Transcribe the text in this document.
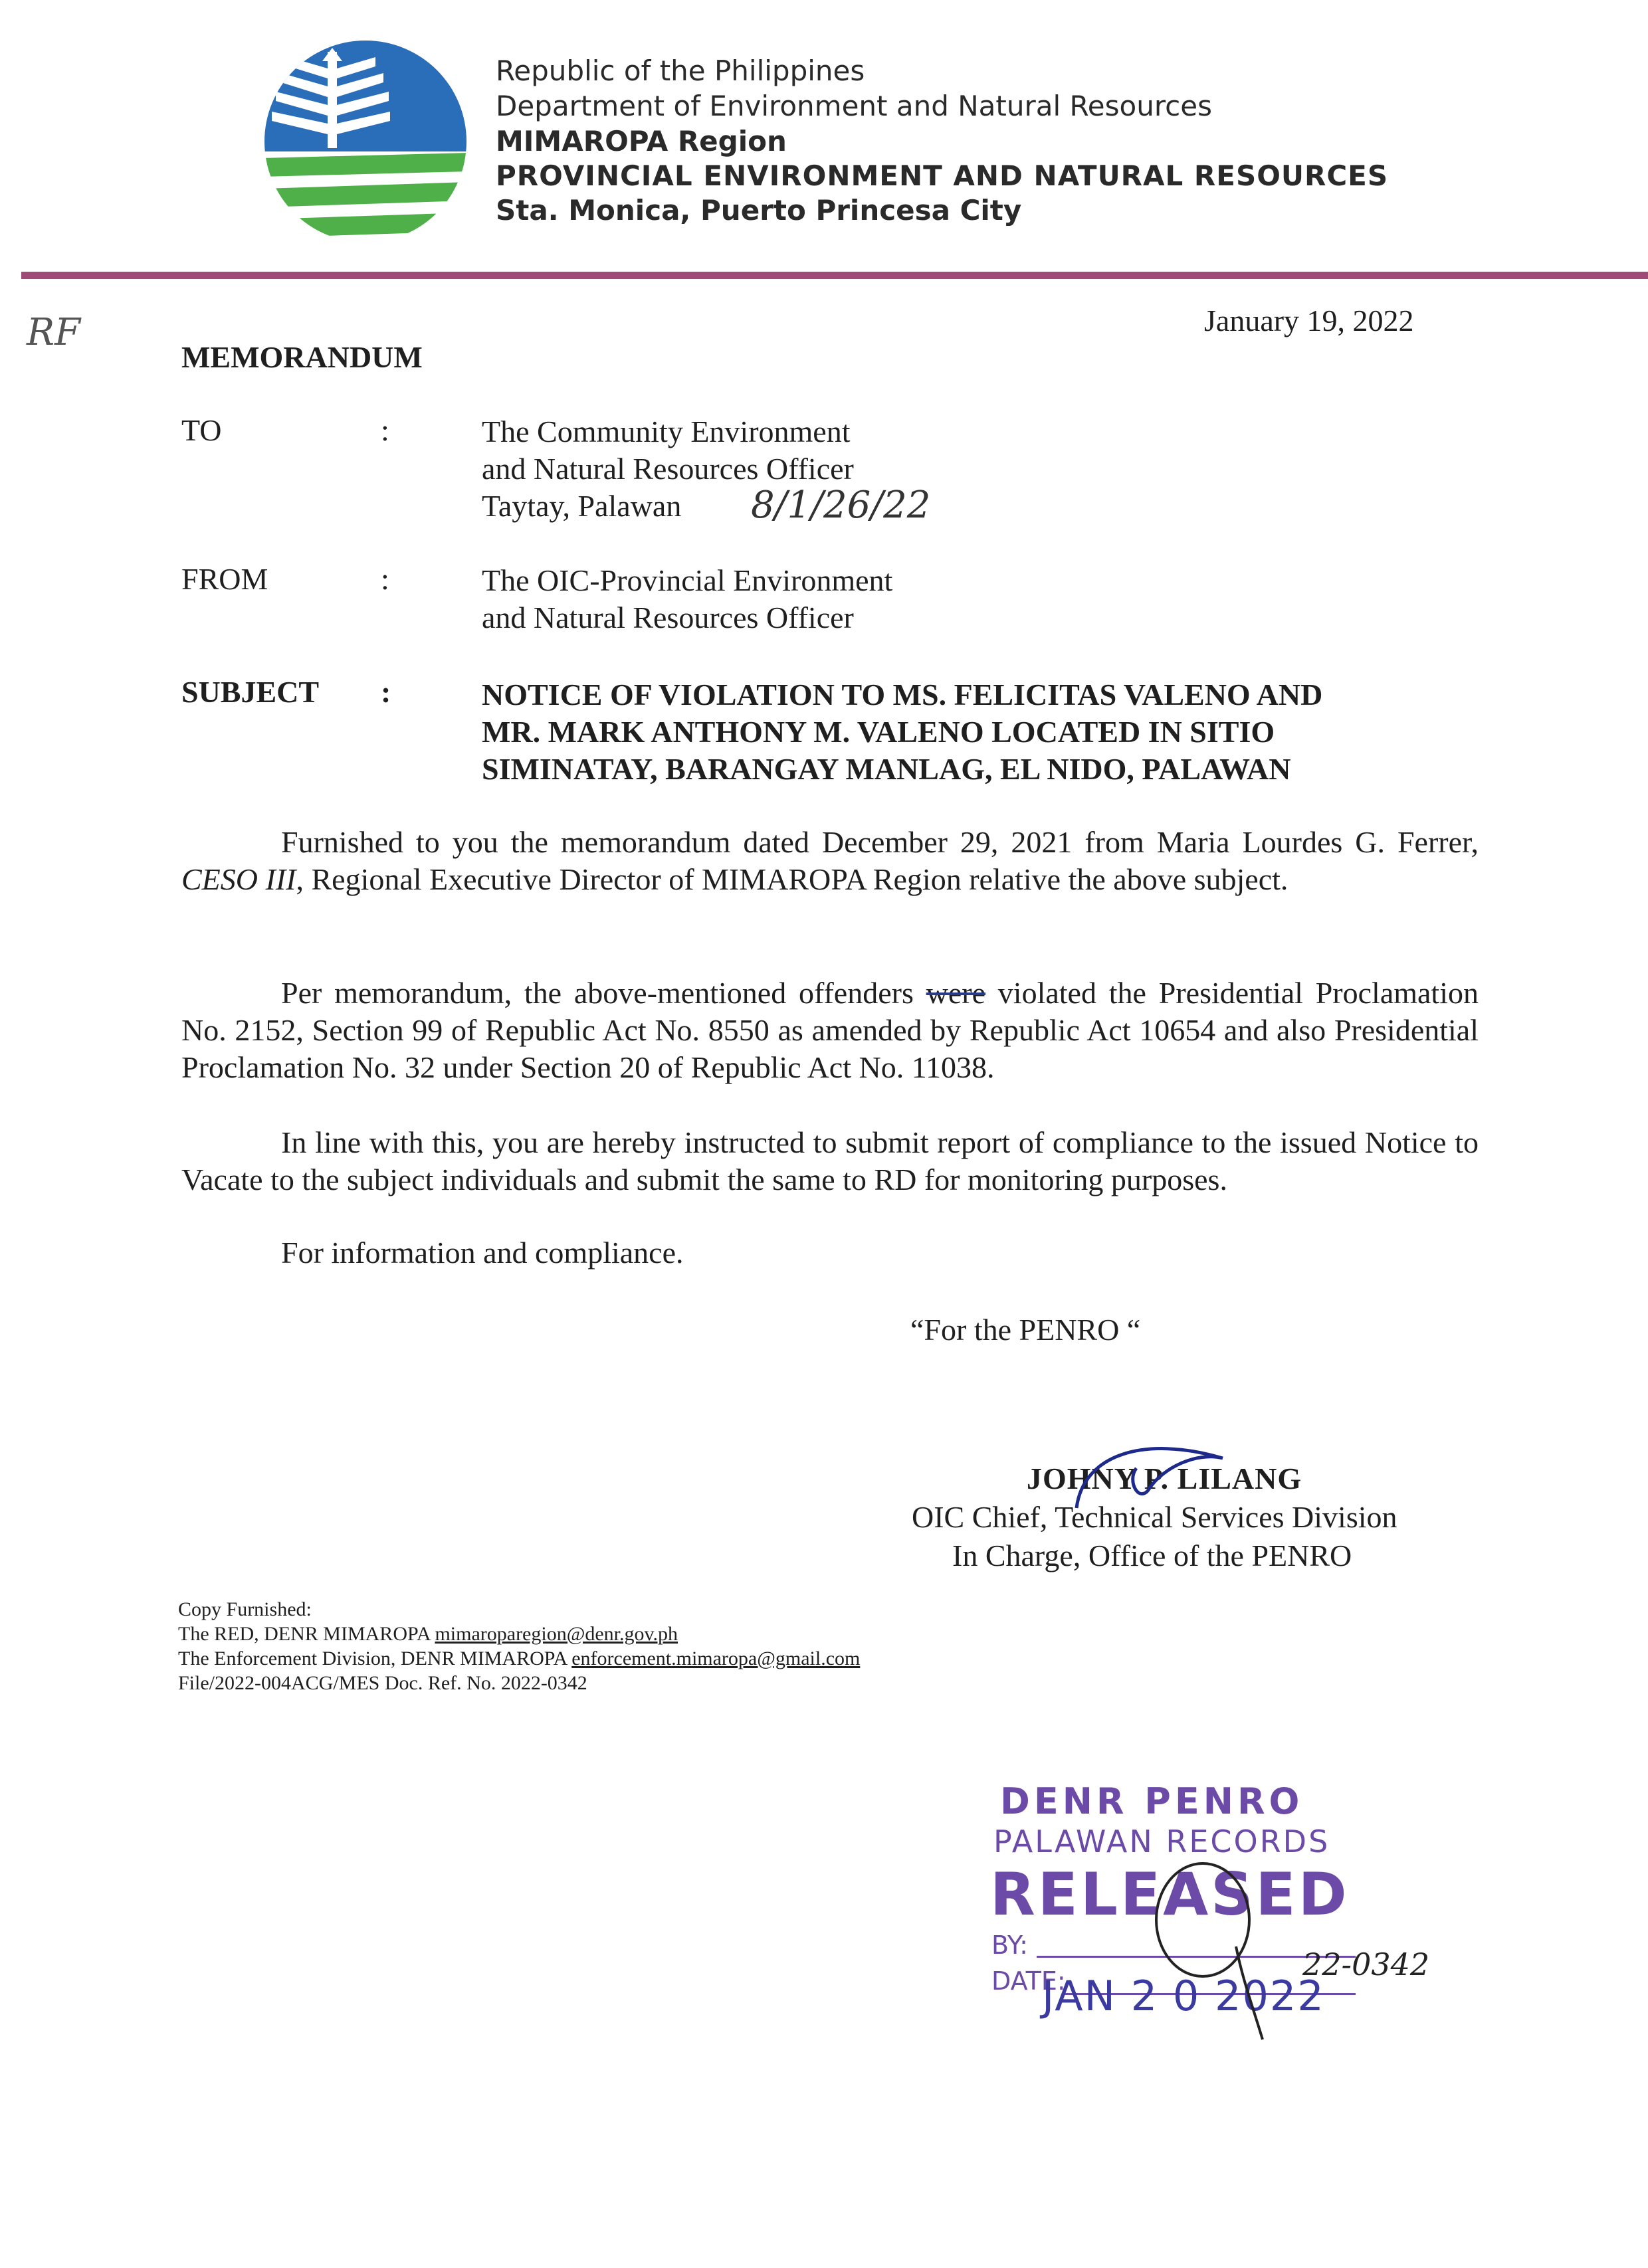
Republic of the Philippines
Department of Environment and Natural Resources
MIMAROPA Region
PROVINCIAL ENVIRONMENT AND NATURAL RESOURCES
Sta. Monica, Puerto Princesa City
RF	January 19, 2022
MEMORANDUM
TO	:	The Community Environment
and Natural Resources Officer
Taytay, Palawan 8/1/26/22
FROM	:	The OIC-Provincial Environment
and Natural Resources Officer
SUBJECT :	NOTICE OF VIOLATION TO MS. FELICITAS VALENO AND
MR. MARK ANTHONY M. VALENO LOCATED IN SITIO
SIMINATAY, BARANGAY MANLAG, EL NIDO, PALAWAN
Furnished to you the memorandum dated December 29, 2021 from Maria Lourdes G. Ferrer, CESO III, Regional Executive Director of MIMAROPA Region relative the above subject.
Per memorandum, the above-mentioned offenders were violated the Presidential Proclamation No. 2152, Section 99 of Republic Act No. 8550 as amended by Republic Act 10654 and also Presidential Proclamation No. 32 under Section 20 of Republic Act No. 11038.
In line with this, you are hereby instructed to submit report of compliance to the issued Notice to Vacate to the subject individuals and submit the same to RD for monitoring purposes.
For information and compliance.
“For the PENRO “
JOHNY P. LILANG
OIC Chief, Technical Services Division
In Charge, Office of the PENRO
Copy Furnished:
The RED, DENR MIMAROPA mimaroparegion@denr.gov.ph
The Enforcement Division, DENR MIMAROPA enforcement.mimaropa@gmail.com
File/2022-004ACG/MES Doc. Ref. No. 2022-0342
DENR PENRO
PALAWAN RECORDS
RELEASED
BY:
DATE:
JAN 2 0 2022
22-0342
